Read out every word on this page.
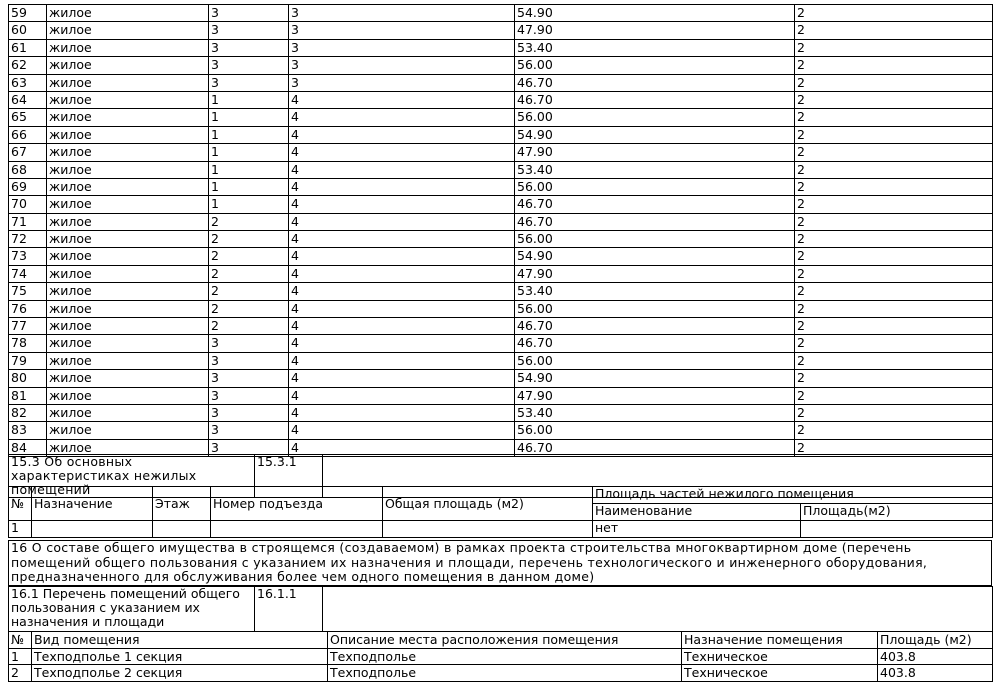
59	жилое	3	3	54.90	2
60	жилое	3	3	47.90	2
61	жилое	3	3	53.40	2
62	жилое	3	3	56.00	2
63	жилое	3	3	46.70	2
64	жилое	1	4	46.70	2
65	жилое	1	4	56.00	2
66	жилое	1	4	54.90	2
67	жилое	1	4	47.90	2
68	жилое	1	4	53.40	2
69	жилое	1	4	56.00	2
70	жилое	1	4	46.70	2
71	жилое	2	4	46.70	2
72	жилое	2	4	56.00	2
73	жилое	2	4	54.90	2
74	жилое	2	4	47.90	2
75	жилое	2	4	53.40	2
76	жилое	2	4	56.00	2
77	жилое	2	4	46.70	2
78	жилое	3	4	46.70	2
79	жилое	3	4	56.00	2
80	жилое	3	4	54.90	2
81	жилое	3	4	47.90	2
82	жилое	3	4	53.40	2
83	жилое	3	4	56.00	2
84	жилое	3	4	46.70	2
15.3 Об основных характеристиках нежилых помещений	15.3.1	
№	Назначение	Этаж	Номер подъезда	Общая площадь (м2)	Площадь частей нежилого помещения	
					Наименование	Площадь(м2)
1					нет	
16 О составе общего имущества в строящемся (создаваемом) в рамках проекта строительства многоквартирном доме (перечень помещений общего пользования с указанием их назначения и площади, перечень технологического и инженерного оборудования, предназначенного для обслуживания более чем одного помещения в данном доме)
16.1 Перечень помещений общего пользования с указанием их назначения и площади	16.1.1	
№	Вид помещения	Описание места расположения помещения	Назначение помещения	Площадь (м2)
1	Техподполье 1 секция	Техподполье	Техническое	403.8
2	Техподполье 2 секция	Техподполье	Техническое	403.8
